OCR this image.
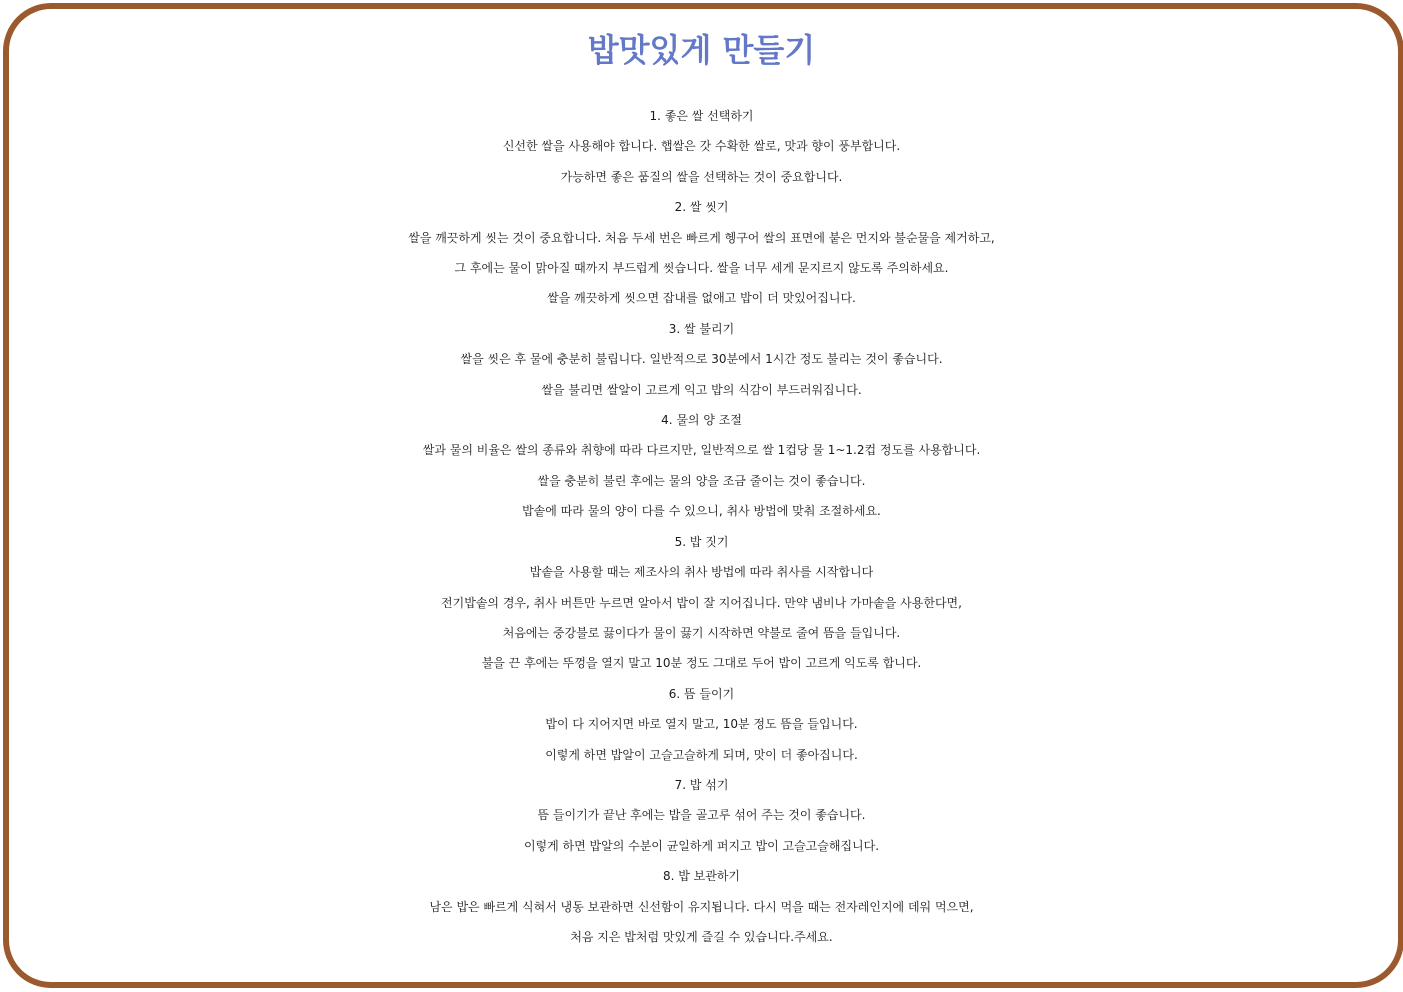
밥맛있게 만들기
1. 좋은 쌀 선택하기
신선한 쌀을 사용해야 합니다. 햅쌀은 갓 수확한 쌀로, 맛과 향이 풍부합니다.
가능하면 좋은 품질의 쌀을 선택하는 것이 중요합니다.
2. 쌀 씻기
쌀을 깨끗하게 씻는 것이 중요합니다. 처음 두세 번은 빠르게 헹구어 쌀의 표면에 붙은 먼지와 불순물을 제거하고,
그 후에는 물이 맑아질 때까지 부드럽게 씻습니다. 쌀을 너무 세게 문지르지 않도록 주의하세요.
쌀을 깨끗하게 씻으면 잡내를 없애고 밥이 더 맛있어집니다.
3. 쌀 불리기
쌀을 씻은 후 물에 충분히 불립니다. 일반적으로 30분에서 1시간 정도 불리는 것이 좋습니다.
쌀을 불리면 쌀알이 고르게 익고 밥의 식감이 부드러워집니다.
4. 물의 양 조절
쌀과 물의 비율은 쌀의 종류와 취향에 따라 다르지만, 일반적으로 쌀 1컵당 물 1~1.2컵 정도를 사용합니다.
쌀을 충분히 불린 후에는 물의 양을 조금 줄이는 것이 좋습니다.
밥솥에 따라 물의 양이 다를 수 있으니, 취사 방법에 맞춰 조절하세요.
5. 밥 짓기
밥솥을 사용할 때는 제조사의 취사 방법에 따라 취사를 시작합니다
전기밥솥의 경우, 취사 버튼만 누르면 알아서 밥이 잘 지어집니다. 만약 냄비나 가마솥을 사용한다면,
처음에는 중강불로 끓이다가 물이 끓기 시작하면 약불로 줄여 뜸을 들입니다.
불을 끈 후에는 뚜껑을 열지 말고 10분 정도 그대로 두어 밥이 고르게 익도록 합니다.
6. 뜸 들이기
밥이 다 지어지면 바로 열지 말고, 10분 정도 뜸을 들입니다.
이렇게 하면 밥알이 고슬고슬하게 되며, 맛이 더 좋아집니다.
7. 밥 섞기
뜸 들이기가 끝난 후에는 밥을 골고루 섞어 주는 것이 좋습니다.
이렇게 하면 밥알의 수분이 균일하게 퍼지고 밥이 고슬고슬해집니다.
8. 밥 보관하기
남은 밥은 빠르게 식혀서 냉동 보관하면 신선함이 유지됩니다. 다시 먹을 때는 전자레인지에 데워 먹으면,
처음 지은 밥처럼 맛있게 즐길 수 있습니다.주세요.
